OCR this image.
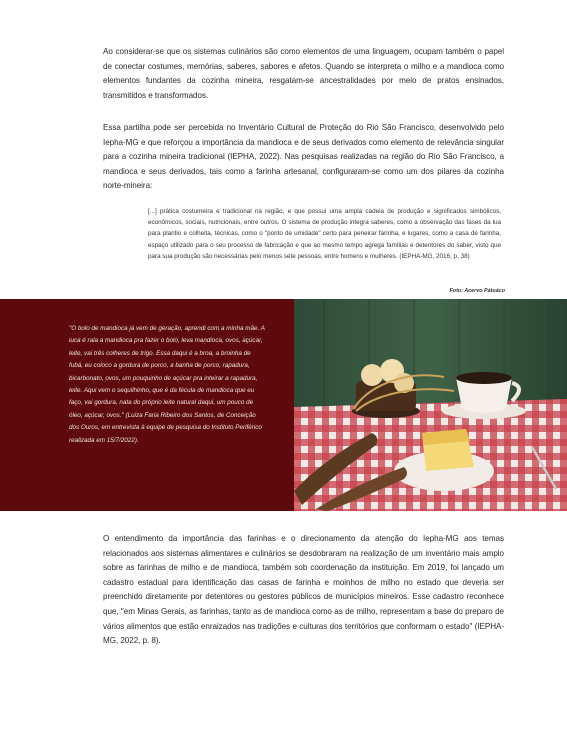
Ao considerar-se que os sistemas culinários são como elementos de uma linguagem, ocupam também o papel de conectar costumes, memórias, saberes, sabores e afetos. Quando se interpreta o milho e a mandioca como elementos fundantes da cozinha mineira, resgatam-se ancestralidades por meio de pratos ensinados, transmitidos e transformados.

Essa partilha pode ser percebida no Inventário Cultural de Proteção do Rio São Francisco, desenvolvido pelo Iepha-MG e que reforçou a importância da mandioca e de seus derivados como elemento de relevância singular para a cozinha mineira tradicional (IEPHA, 2022). Nas pesquisas realizadas na região do Rio São Francisco, a mandioca e seus derivados, tais como a farinha artesanal, configuraram-se como um dos pilares da cozinha norte-mineira:

[...] prática costumeira e tradicional na região, e que possui uma ampla cadeia de produção e significados simbólicos, econômicos, sociais, nutricionais, entre outros. O sistema de produção integra saberes, como a observação das fases da lua para plantio e colheita, técnicas, como o "ponto de umidade" certo para peneirar farinha, e lugares, como a casa de farinha, espaço utilizado para o seu processo de fabricação e que ao mesmo tempo agrega famílias e detentores do saber, visto que para sua produção são necessárias pelo menos sete pessoas, entre homens e mulheres. (IEPHA-MG, 2016, p. 38)

Foto: Acervo Pátuáco

"O bolo de mandioca já vem de geração, aprendi com a minha mãe. A iuca é rala a mandioca pra fazer o bolo, leva mandioca, ovos, açúcar, leite, vai três colheres de trigo. Essa daqui é a broa, a broinha de fubá, eu coloco a gordura de porco, a banha de porco, rapadura, bicarbonato, ovos, um pouquinho de açúcar pra inteirar a rapadura, leite. Aqui vem o sequilhinho, que é da fécula de mandioca que eu faço, vai gordura, nata do próprio leite natural daqui, um pouco de óleo, açúcar, ovos." (Luiza Faria Ribeiro dos Santos, de Conceição dos Ouros, em entrevista à equipe de pesquisa do Instituto Periférico realizada em 15/7/2022).

O entendimento da importância das farinhas e o direcionamento da atenção do Iepha-MG aos temas relacionados aos sistemas alimentares e culinários se desdobraram na realização de um inventário mais amplo sobre as farinhas de milho e de mandioca, também sob coordenação da instituição. Em 2019, foi lançado um cadastro estadual para identificação das casas de farinha e moinhos de milho no estado que deveria ser preenchido diretamente por detentores ou gestores públicos de municípios mineiros. Esse cadastro reconhece que, "em Minas Gerais, as farinhas, tanto as de mandioca como as de milho, representam a base do preparo de vários alimentos que estão enraizados nas tradições e culturas dos territórios que conformam o estado" (IEPHA-MG, 2022, p. 8).
